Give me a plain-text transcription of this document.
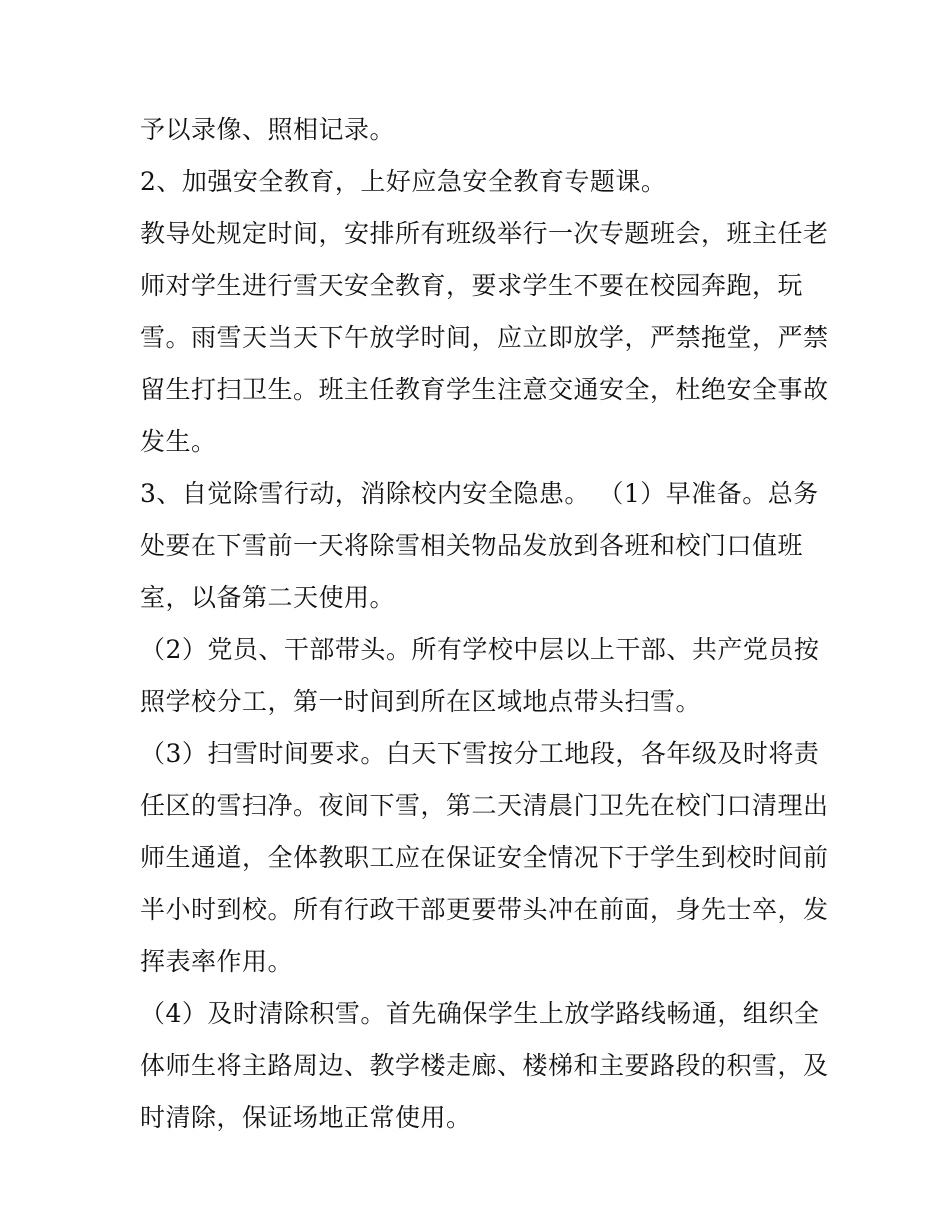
予以录像、照相记录。
2、加强安全教育，上好应急安全教育专题课。
教导处规定时间，安排所有班级举行一次专题班会，班主任老
师对学生进行雪天安全教育，要求学生不要在校园奔跑，玩
雪。雨雪天当天下午放学时间，应立即放学，严禁拖堂，严禁
留生打扫卫生。班主任教育学生注意交通安全，杜绝安全事故
发生。
3、自觉除雪行动，消除校内安全隐患。 （1）早准备。总务
处要在下雪前一天将除雪相关物品发放到各班和校门口值班
室，以备第二天使用。
（2）党员、干部带头。所有学校中层以上干部、共产党员按
照学校分工，第一时间到所在区域地点带头扫雪。
（3）扫雪时间要求。白天下雪按分工地段，各年级及时将责
任区的雪扫净。夜间下雪，第二天清晨门卫先在校门口清理出
师生通道，全体教职工应在保证安全情况下于学生到校时间前
半小时到校。所有行政干部更要带头冲在前面，身先士卒，发
挥表率作用。
（4）及时清除积雪。首先确保学生上放学路线畅通，组织全
体师生将主路周边、教学楼走廊、楼梯和主要路段的积雪，及
时清除，保证场地正常使用。
